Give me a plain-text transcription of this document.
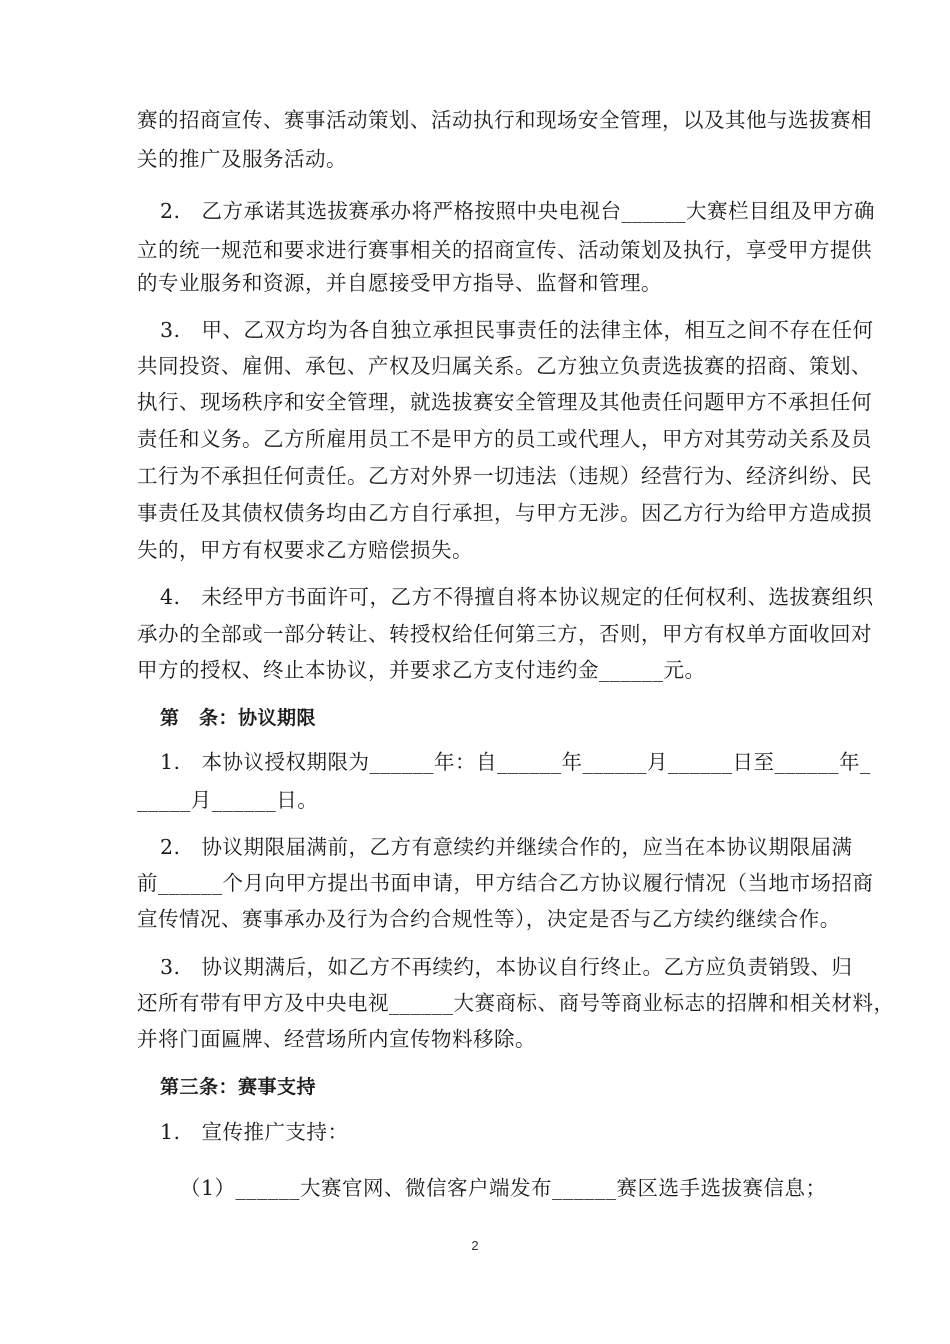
赛的招商宣传、赛事活动策划、活动执行和现场安全管理，以及其他与选拔赛相
关的推广及服务活动。
2.　乙方承诺其选拔赛承办将严格按照中央电视台______大赛栏目组及甲方确
立的统一规范和要求进行赛事相关的招商宣传、活动策划及执行，享受甲方提供
的专业服务和资源，并自愿接受甲方指导、监督和管理。
3.　甲、乙双方均为各自独立承担民事责任的法律主体，相互之间不存在任何
共同投资、雇佣、承包、产权及归属关系。乙方独立负责选拔赛的招商、策划、
执行、现场秩序和安全管理，就选拔赛安全管理及其他责任问题甲方不承担任何
责任和义务。乙方所雇用员工不是甲方的员工或代理人，甲方对其劳动关系及员
工行为不承担任何责任。乙方对外界一切违法（违规）经营行为、经济纠纷、民
事责任及其债权债务均由乙方自行承担，与甲方无涉。因乙方行为给甲方造成损
失的，甲方有权要求乙方赔偿损失。
4.　未经甲方书面许可，乙方不得擅自将本协议规定的任何权利、选拔赛组织
承办的全部或一部分转让、转授权给任何第三方，否则，甲方有权单方面收回对
甲方的授权、终止本协议，并要求乙方支付违约金______元。
第　条：协议期限
1.　本协议授权期限为______年：自______年______月______日至______年_
_____月______日。
2.　协议期限届满前，乙方有意续约并继续合作的，应当在本协议期限届满
前______个月向甲方提出书面申请，甲方结合乙方协议履行情况（当地市场招商
宣传情况、赛事承办及行为合约合规性等），决定是否与乙方续约继续合作。
3.　协议期满后，如乙方不再续约，本协议自行终止。乙方应负责销毁、归
还所有带有甲方及中央电视______大赛商标、商号等商业标志的招牌和相关材料，
并将门面匾牌、经营场所内宣传物料移除。
第三条：赛事支持
1.　宣传推广支持：
（1）______大赛官网、微信客户端发布______赛区选手选拔赛信息；
2
